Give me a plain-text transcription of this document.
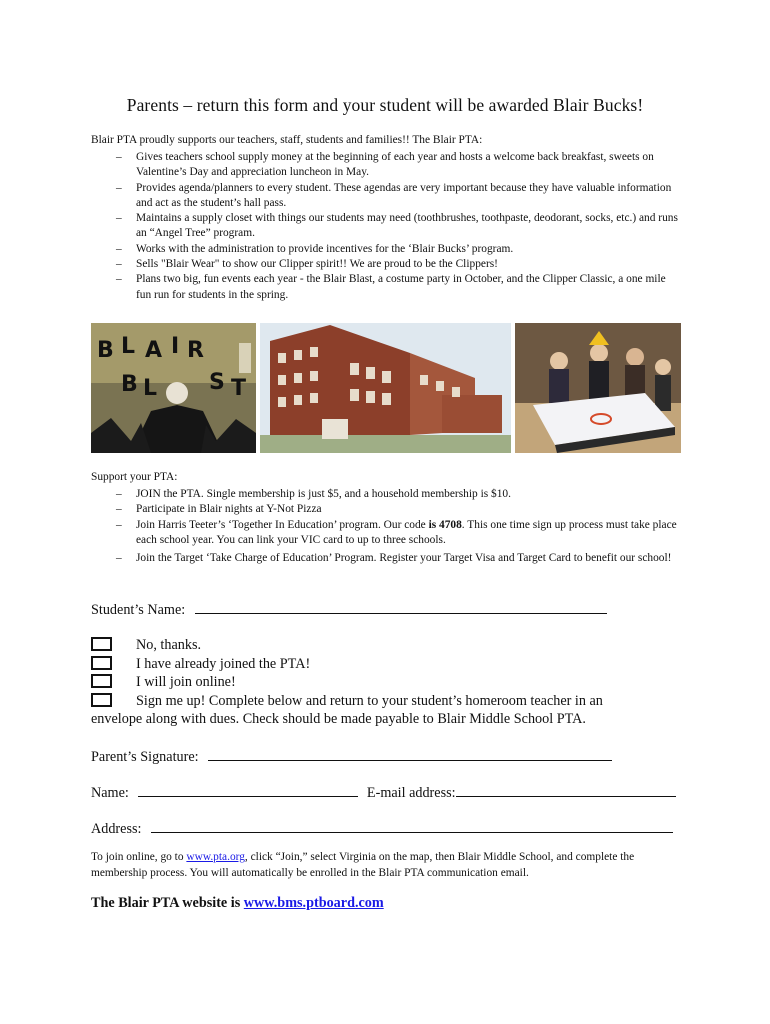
Parents – return this form and your student will be awarded Blair Bucks!
Blair PTA proudly supports our teachers, staff, students and families!! The Blair PTA:
– Gives teachers school supply money at the beginning of each year and hosts a welcome back breakfast, sweets on Valentine’s Day and appreciation luncheon in May.
– Provides agenda/planners to every student. These agendas are very important because they have valuable information and act as the student’s hall pass.
– Maintains a supply closet with things our students may need (toothbrushes, toothpaste, deodorant, socks, etc.) and runs an “Angel Tree” program.
– Works with the administration to provide incentives for the ‘Blair Bucks’ program.
– Sells "Blair Wear" to show our Clipper spirit!! We are proud to be the Clippers!
– Plans two big, fun events each year - the Blair Blast, a costume party in October, and the Clipper Classic, a one mile fun run for students in the spring.
B L A I R
B L S T
Support your PTA:
– JOIN the PTA. Single membership is just $5, and a household membership is $10.
– Participate in Blair nights at Y-Not Pizza
– Join Harris Teeter’s ‘Together In Education’ program. Our code is 4708. This one time sign up process must take place each school year. You can link your VIC card to up to three schools.
– Join the Target ‘Take Charge of Education’ Program. Register your Target Visa and Target Card to benefit our school!
Student’s Name:
No, thanks.
I have already joined the PTA!
I will join online!
Sign me up! Complete below and return to your student’s homeroom teacher in an
envelope along with dues. Check should be made payable to Blair Middle School PTA.
Parent’s Signature:
Name:	E-mail address:
Address:
To join online, go to www.pta.org, click “Join,” select Virginia on the map, then Blair Middle School, and complete the membership process. You will automatically be enrolled in the Blair PTA communication email.
The Blair PTA website is www.bms.ptboard.com
